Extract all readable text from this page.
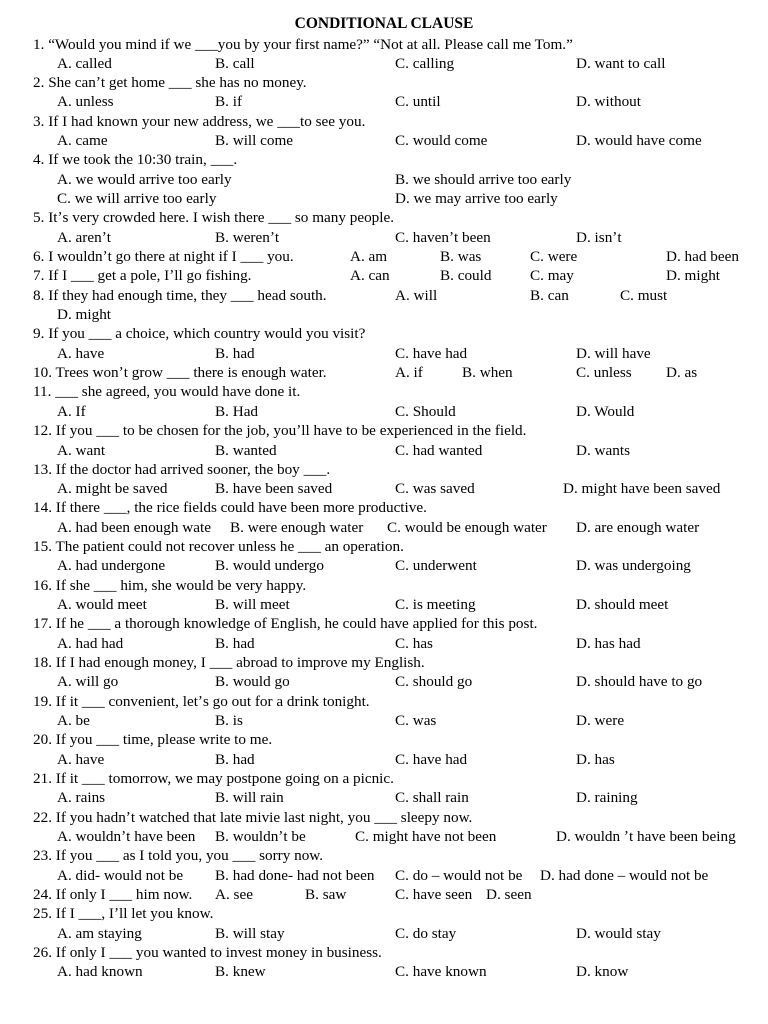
CONDITIONAL CLAUSE
1. “Would you mind if we ___you by your first name?” “Not at all. Please call me Tom.”
A. called	B. call	C. calling	D. want to call
2. She canʼt get home ___ she has no money.
A. unless	B. if	C. until	D. without
3. If I had known your new address, we ___to see you.
A. came	B. will come	C. would come	D. would have come
4. If we took the 10:30 train, ___.
A. we would arrive too early	B. we should arrive too early
C. we will arrive too early	D. we may arrive too early
5. Itʼs very crowded here. I wish there ___ so many people.
A. arenʼt	B. werenʼt	C. havenʼt been	D. isnʼt
6. I wouldnʼt go there at night if I ___ you.	A. am	B. was	C. were	D. had been
7. If I ___ get a pole, Iʼll go fishing.	A. can	B. could	C. may	D. might
8. If they had enough time, they ___ head south.	A. will	B. can	C. must
D. might
9. If you ___ a choice, which country would you visit?
A. have	B. had	C. have had	D. will have
10. Trees wonʼt grow ___ there is enough water.	A. if	B. when	C. unless D. as
11. ___ she agreed, you would have done it.
A. If	B. Had	C. Should	D. Would
12. If you ___ to be chosen for the job, youʼll have to be experienced in the field.
A. want	B. wanted	C. had wanted	D. wants
13. If the doctor had arrived sooner, the boy ___.
A. might be saved	B. have been saved	C. was saved	D. might have been saved
14. If there ___, the rice fields could have been more productive.
A. had been enough wate B. were enough water C. would be enough water D. are enough water
15. The patient could not recover unless he ___ an operation.
A. had undergone	B. would undergo	C. underwent	D. was undergoing
16. If she ___ him, she would be very happy.
A. would meet	B. will meet	C. is meeting	D. should meet
17. If he ___ a thorough knowledge of English, he could have applied for this post.
A. had had	B. had	C. has	D. has had
18. If I had enough money, I ___ abroad to improve my English.
A. will go	B. would go	C. should go	D. should have to go
19. If it ___ convenient, letʼs go out for a drink tonight.
A. be	B. is	C. was	D. were
20. If you ___ time, please write to me.
A. have	B. had	C. have had	D. has
21. If it ___ tomorrow, we may postpone going on a picnic.
A. rains	B. will rain	C. shall rain	D. raining
22. If you hadnʼt watched that late mivie last night, you ___ sleepy now.
A. wouldnʼt have been B. wouldnʼt be	C. might have not been	D. wouldn ʼt have been being
23. If you ___ as I told you, you ___ sorry now.
A. did- would not be B. had done- had not been C. do – would not be D. had done – would not be
24. If only I ___ him now. A. see	B. saw	C. have seen D. seen
25. If I ___, Iʼll let you know.
A. am staying	B. will stay	C. do stay	D. would stay
26. If only I ___ you wanted to invest money in business.
A. had known	B. knew	C. have known	D. know
